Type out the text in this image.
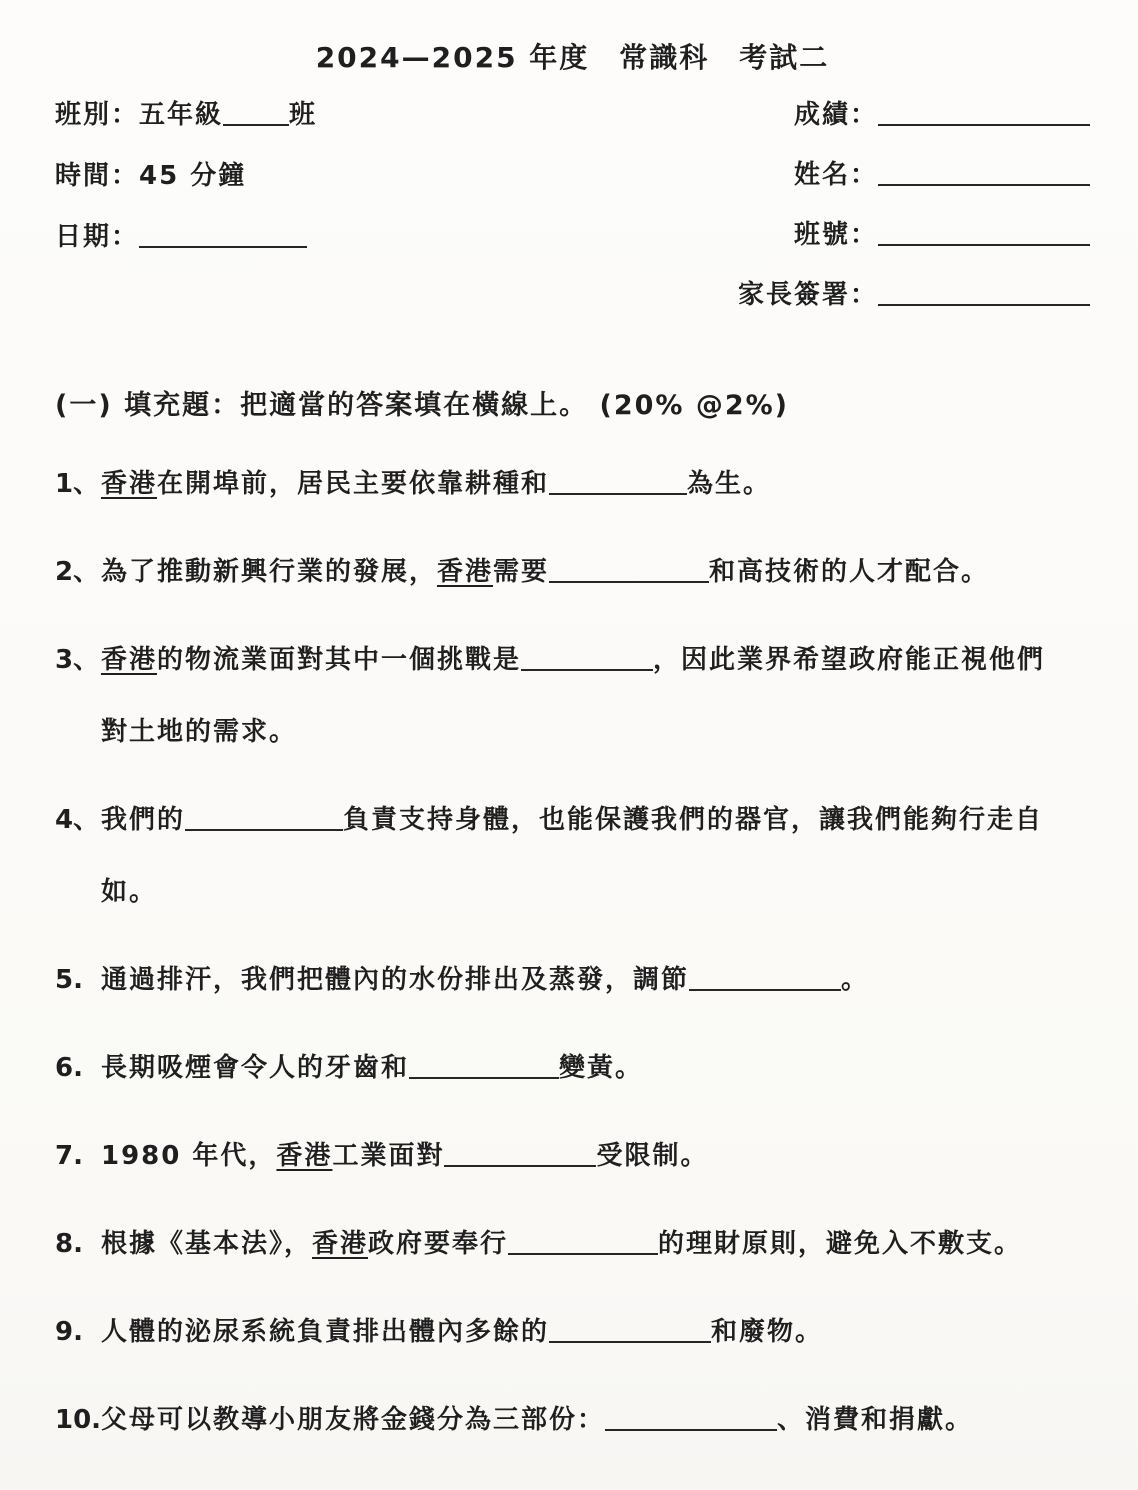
2024—2025 年度　常識科　考試二
班別：五年級	班
時間：45 分鐘
日期：
成績：
姓名：
班號：
家長簽署：
(一) 填充題：把適當的答案填在橫線上。 (20% @2%)
1、 香港在開埠前，居民主要依靠耕種和	為生。
2、 為了推動新興行業的發展，香港需要	和高技術的人才配合。
3、 香港的物流業面對其中一個挑戰是	，因此業界希望政府能正視他們
對土地的需求。
4、 我們的	負責支持身體，也能保護我們的器官，讓我們能夠行走自
如。
5. 通過排汗，我們把體內的水份排出及蒸發，調節	。
6. 長期吸煙會令人的牙齒和	變黃。
7. 1980 年代，香港工業面對	受限制。
8. 根據《基本法》，香港政府要奉行	的理財原則，避免入不敷支。
9. 人體的泌尿系統負責排出體內多餘的	和廢物。
10. 父母可以教導小朋友將金錢分為三部份：	、消費和捐獻。
